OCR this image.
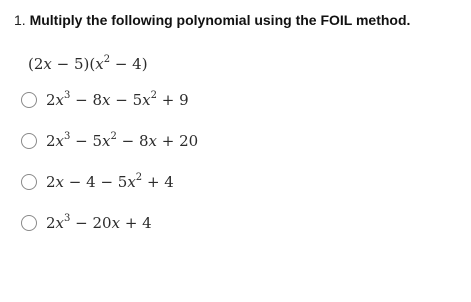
1. Multiply the following polynomial using the FOIL method.
$(2x - 5)(x^2 - 4)$
$2x^3 - 8x - 5x^2 + 9$
$2x^3 - 5x^2 - 8x + 20$
$2x - 4 - 5x^2 + 4$
$2x^3 - 20x + 4$
